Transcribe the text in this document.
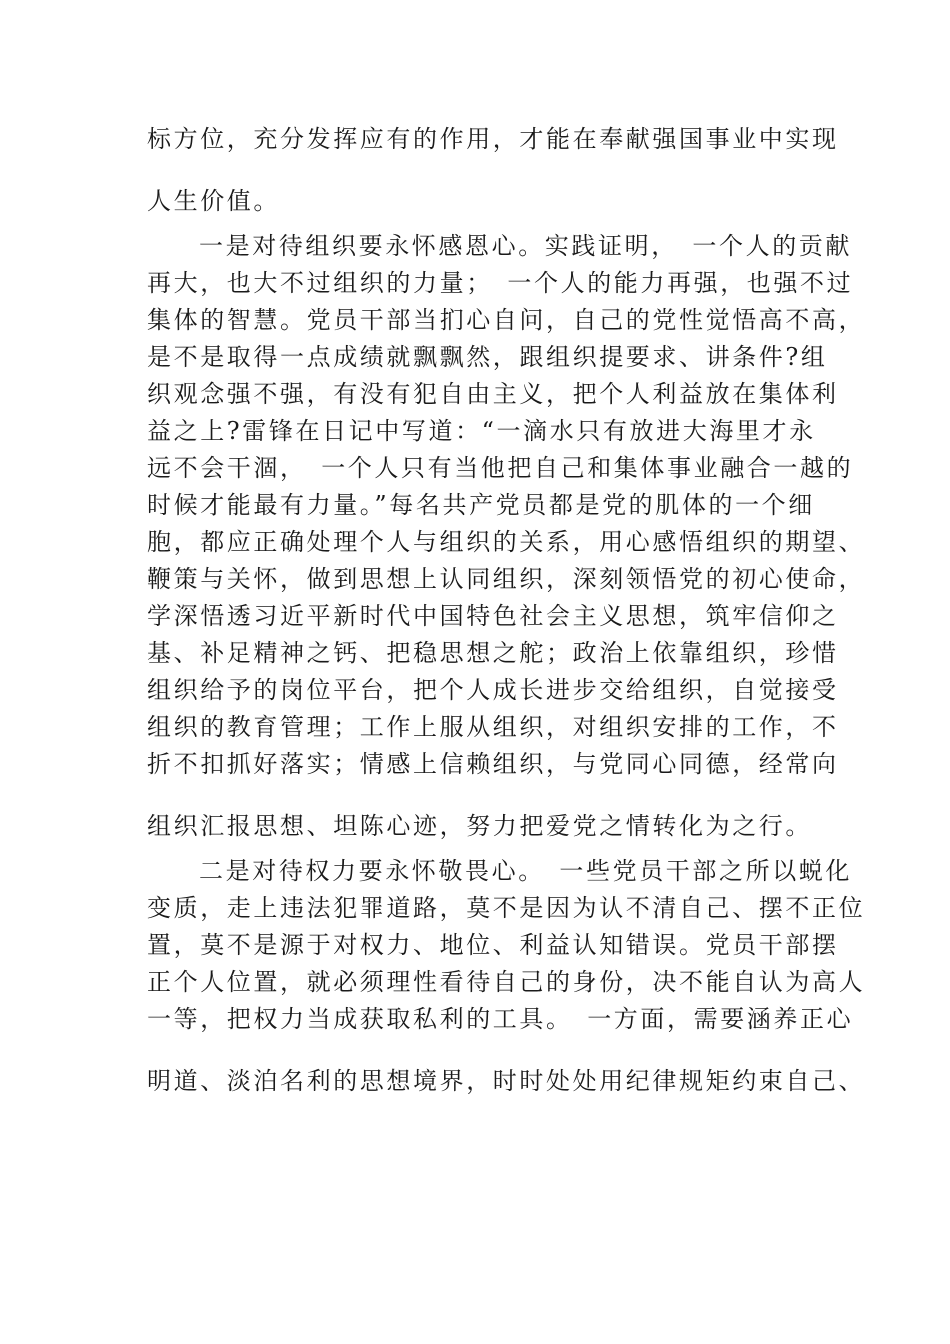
标方位，充分发挥应有的作用，才能在奉献强国事业中实现
人生价值。
一是对待组织要永怀感恩心。实践证明，　一个人的贡献
再大，也大不过组织的力量；　一个人的能力再强，也强不过
集体的智慧。党员干部当扪心自问，自己的党性觉悟高不高，
是不是取得一点成绩就飘飘然，跟组织提要求、讲条件?组
织观念强不强，有没有犯自由主义，把个人利益放在集体利
益之上?雷锋在日记中写道：“一滴水只有放进大海里才永
远不会干涸，　一个人只有当他把自己和集体事业融合一越的
时候才能最有力量。”每名共产党员都是党的肌体的一个细
胞，都应正确处理个人与组织的关系，用心感悟组织的期望、
鞭策与关怀，做到思想上认同组织，深刻领悟党的初心使命，
学深悟透习近平新时代中国特色社会主义思想，筑牢信仰之
基、补足精神之钙、把稳思想之舵；政治上依靠组织，珍惜
组织给予的岗位平台，把个人成长进步交给组织，自觉接受
组织的教育管理；工作上服从组织，对组织安排的工作，不
折不扣抓好落实；情感上信赖组织，与党同心同德，经常向
组织汇报思想、坦陈心迹，努力把爱党之情转化为之行。
二是对待权力要永怀敬畏心。　一些党员干部之所以蜕化
变质，走上违法犯罪道路，莫不是因为认不清自己、摆不正位
置，莫不是源于对权力、地位、利益认知错误。党员干部摆
正个人位置，就必须理性看待自己的身份，决不能自认为高人
一等，把权力当成获取私利的工具。　一方面，需要涵养正心
明道、淡泊名利的思想境界，时时处处用纪律规矩约束自己、
